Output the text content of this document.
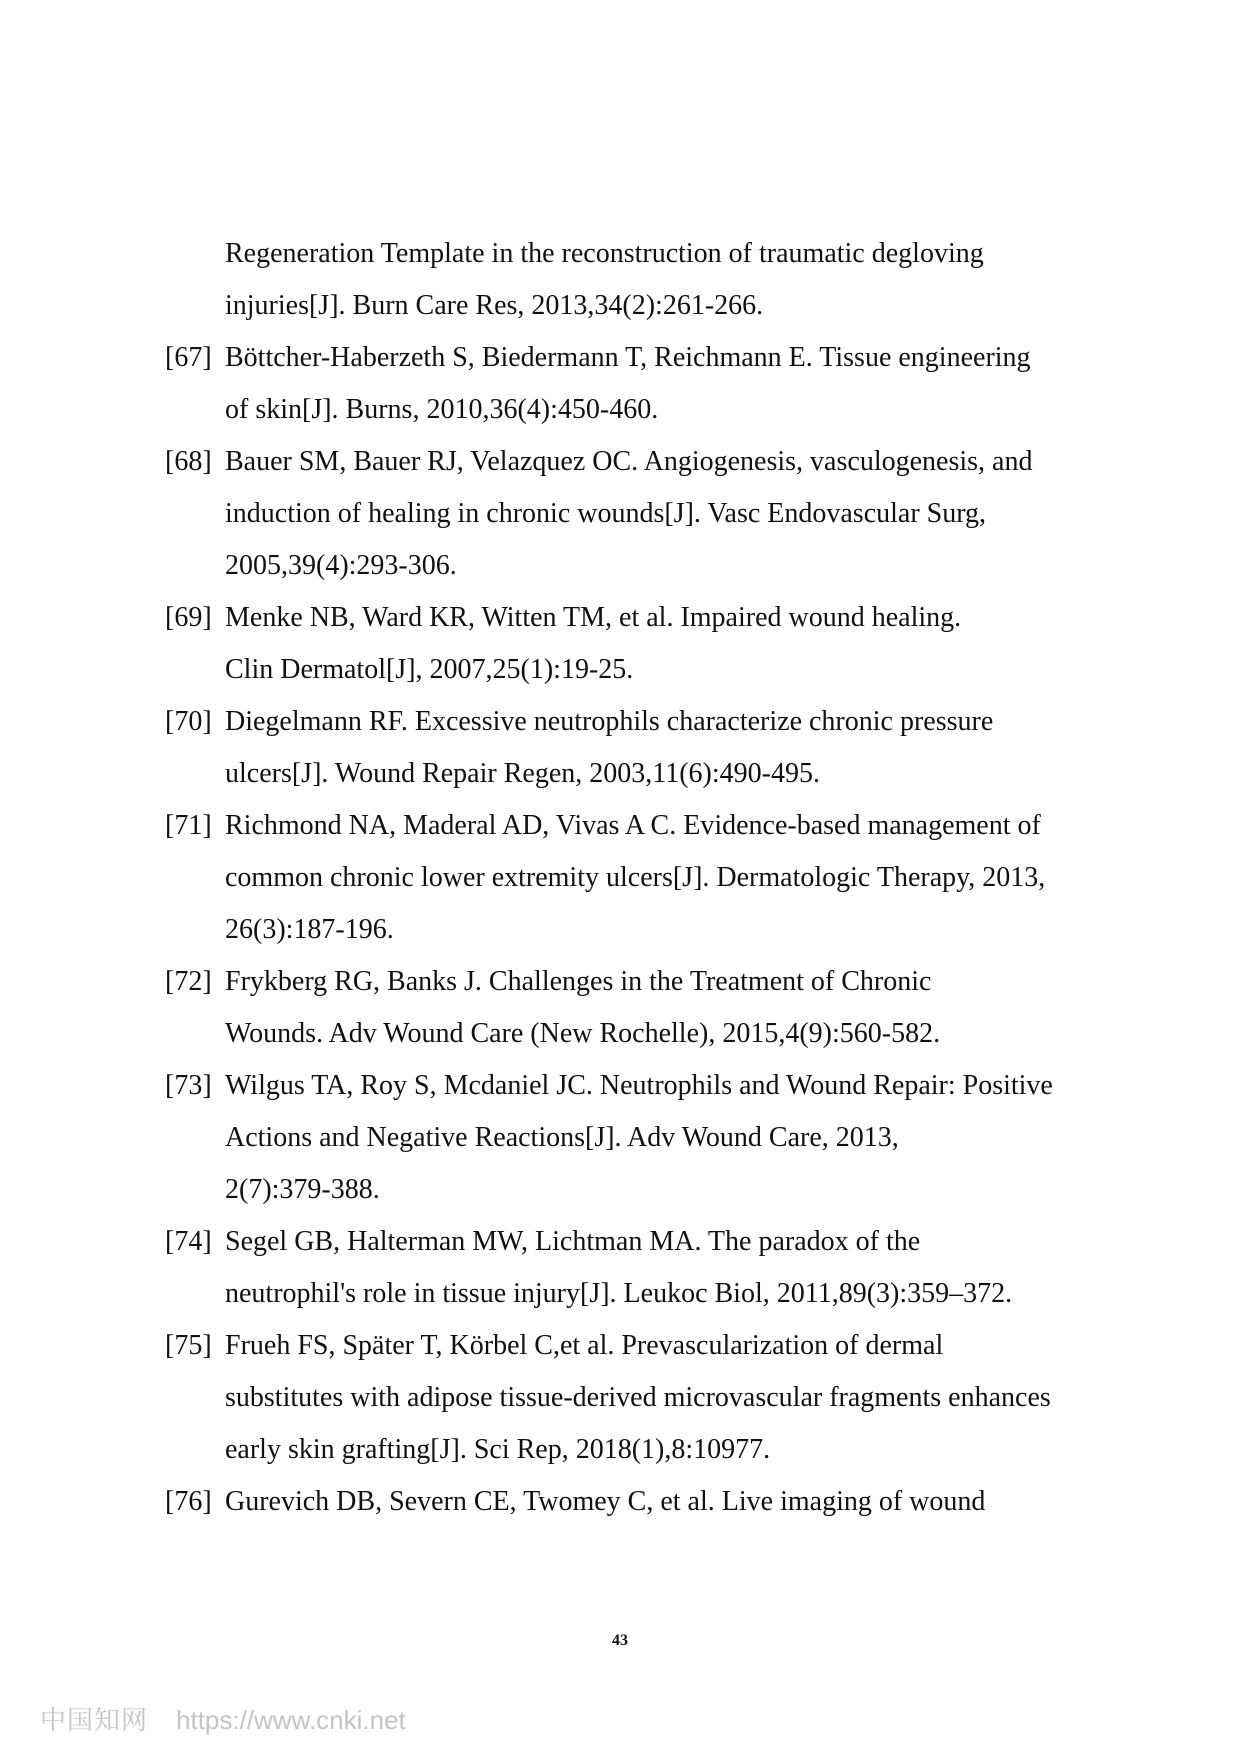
Regeneration Template in the reconstruction of traumatic degloving
injuries[J]. Burn Care Res, 2013,34(2):261-266.
[67] Böttcher-Haberzeth S, Biedermann T, Reichmann E. Tissue engineering
of skin[J]. Burns, 2010,36(4):450-460.
[68] Bauer SM, Bauer RJ, Velazquez OC. Angiogenesis, vasculogenesis, and
induction of healing in chronic wounds[J]. Vasc Endovascular Surg,
2005,39(4):293-306.
[69] Menke NB, Ward KR, Witten TM, et al. Impaired wound healing.
Clin Dermatol[J], 2007,25(1):19-25.
[70] Diegelmann RF. Excessive neutrophils characterize chronic pressure
ulcers[J]. Wound Repair Regen, 2003,11(6):490-495.
[71] Richmond NA, Maderal AD, Vivas A C. Evidence-based management of
common chronic lower extremity ulcers[J]. Dermatologic Therapy, 2013,
26(3):187-196.
[72] Frykberg RG, Banks J. Challenges in the Treatment of Chronic
Wounds. Adv Wound Care (New Rochelle), 2015,4(9):560-582.
[73] Wilgus TA, Roy S, Mcdaniel JC. Neutrophils and Wound Repair: Positive
Actions and Negative Reactions[J]. Adv Wound Care, 2013,
2(7):379-388.
[74] Segel GB, Halterman MW, Lichtman MA. The paradox of the
neutrophil's role in tissue injury[J]. Leukoc Biol, 2011,89(3):359–372.
[75] Frueh FS, Später T, Körbel C,et al. Prevascularization of dermal
substitutes with adipose tissue-derived microvascular fragments enhances
early skin grafting[J]. Sci Rep, 2018(1),8:10977.
[76] Gurevich DB, Severn CE, Twomey C, et al. Live imaging of wound
43
中国知网 https://www.cnki.net
